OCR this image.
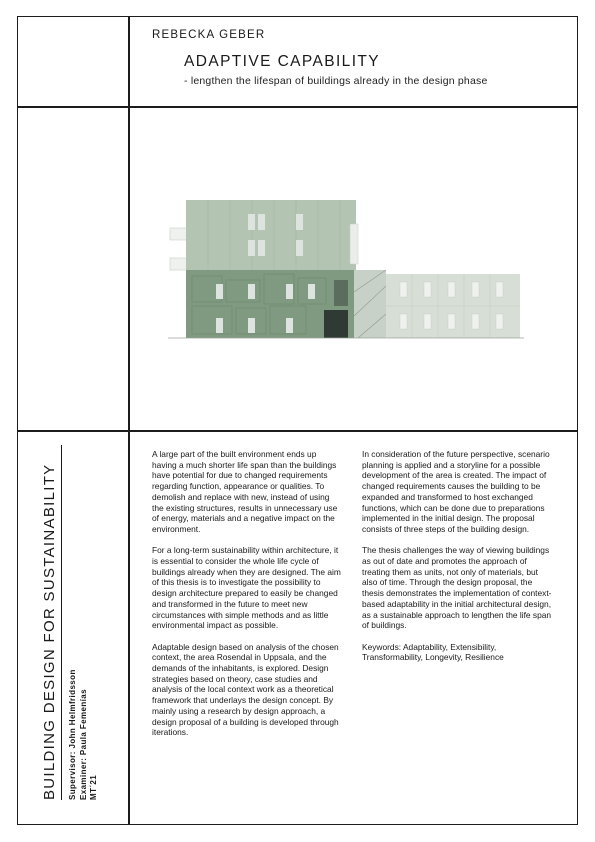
REBECKA GEBER
ADAPTIVE CAPABILITY
- lengthen the lifespan of buildings already in the design phase
BUILDING DESIGN FOR SUSTAINABILITY	Supervisor: John Helmfridsson Examiner: Paula Femenías MT´21

A large part of the built environment ends up having a much shorter life span than the buildings have potential for due to changed requirements regarding function, appearance or qualities. To demolish and replace with new, instead of using the existing structures, results in unnecessary use of energy, materials and a negative impact on the environment.

For a long-term sustainability within architecture, it is essential to consider the whole life cycle of buildings already when they are designed. The aim of this thesis is to investigate the possibility to design architecture prepared to easily be changed and transformed in the future to meet new circumstances with simple methods and as little environmental impact as possible.

Adaptable design based on analysis of the chosen context, the area Rosendal in Uppsala, and the demands of the inhabitants, is explored. Design strategies based on theory, case studies and analysis of the local context work as a theoretical framework that underlays the design concept. By mainly using a research by design approach, a design proposal of a building is developed through iterations.

In consideration of the future perspective, scenario planning is applied and a storyline for a possible development of the area is created. The impact of changed requirements causes the building to be expanded and transformed to host exchanged functions, which can be done due to preparations implemented in the initial design. The proposal consists of three steps of the building design.

The thesis challenges the way of viewing buildings as out of date and promotes the approach of treating them as units, not only of materials, but also of time. Through the design proposal, the thesis demonstrates the implementation of context-based adaptability in the initial architectural design, as a sustainable approach to lengthen the life span of buildings.

Keywords: Adaptability, Extensibility, Transformability, Longevity, Resilience
